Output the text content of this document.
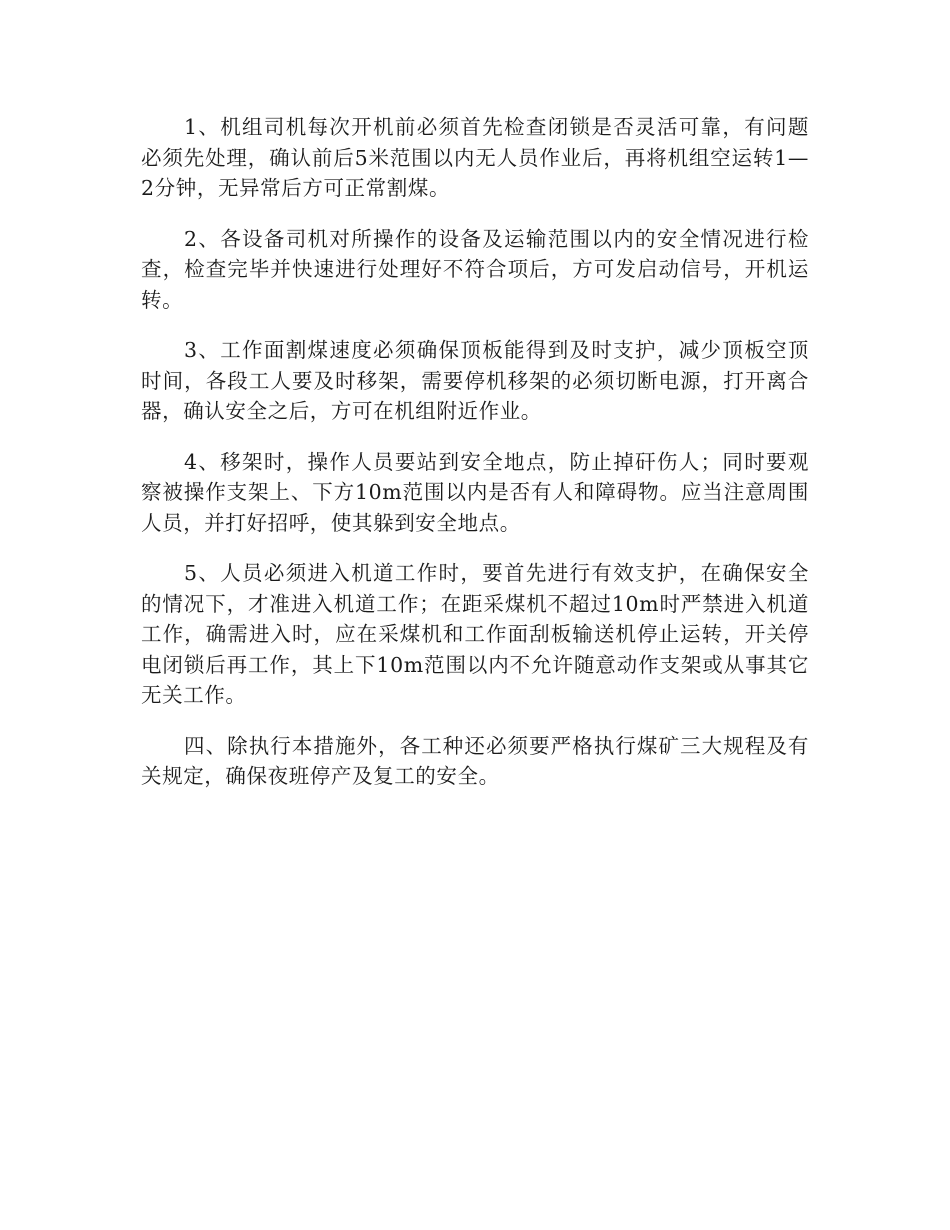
1、机组司机每次开机前必须首先检查闭锁是否灵活可靠，有问题必须先处理，确认前后5米范围以内无人员作业后，再将机组空运转1—2分钟，无异常后方可正常割煤。

2、各设备司机对所操作的设备及运输范围以内的安全情况进行检查，检查完毕并快速进行处理好不符合项后，方可发启动信号，开机运转。

3、工作面割煤速度必须确保顶板能得到及时支护，减少顶板空顶时间，各段工人要及时移架，需要停机移架的必须切断电源，打开离合器，确认安全之后，方可在机组附近作业。

4、移架时，操作人员要站到安全地点，防止掉矸伤人；同时要观察被操作支架上、下方10m范围以内是否有人和障碍物。应当注意周围人员，并打好招呼，使其躲到安全地点。

5、人员必须进入机道工作时，要首先进行有效支护，在确保安全的情况下，才准进入机道工作；在距采煤机不超过10m时严禁进入机道工作，确需进入时，应在采煤机和工作面刮板输送机停止运转，开关停电闭锁后再工作，其上下10m范围以内不允许随意动作支架或从事其它无关工作。

四、除执行本措施外，各工种还必须要严格执行煤矿三大规程及有关规定，确保夜班停产及复工的安全。
